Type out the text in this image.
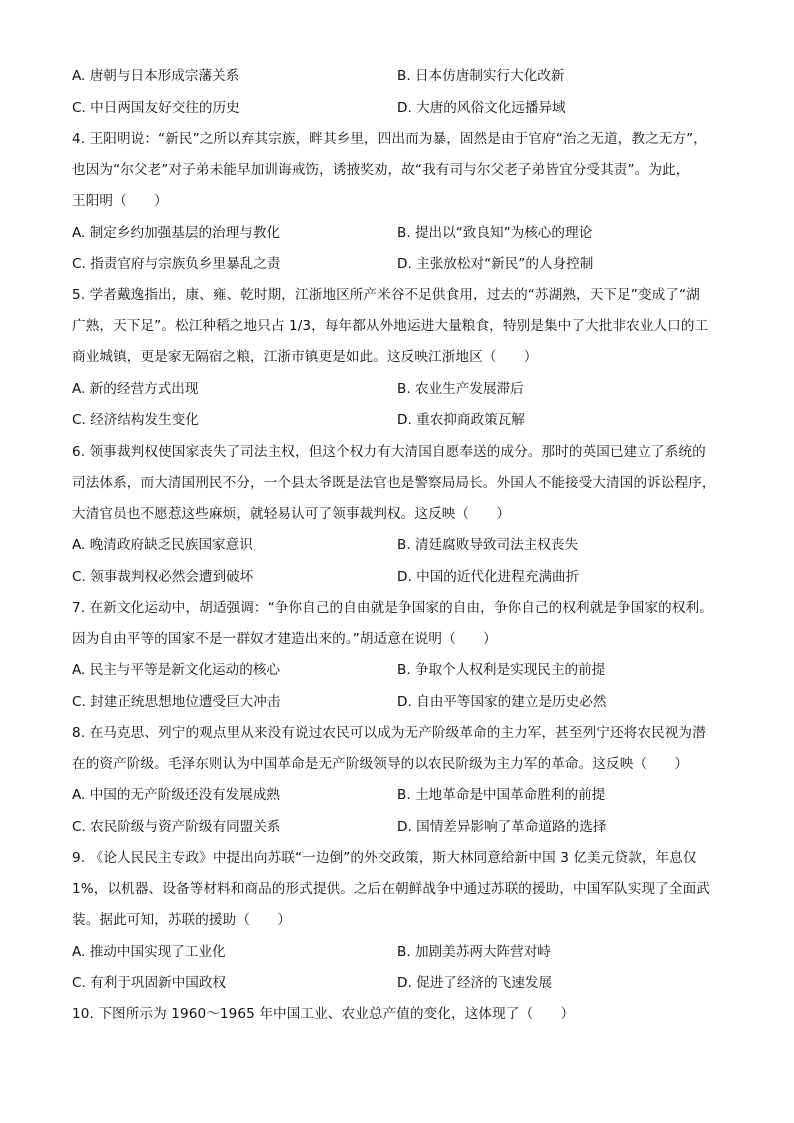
A. 唐朝与日本形成宗藩关系	B. 日本仿唐制实行大化改新
C. 中日两国友好交往的历史	D. 大唐的风俗文化远播异域
4. 王阳明说：“新民”之所以弃其宗族，畔其乡里，四出而为暴，固然是由于官府“治之无道，教之无方”，
也因为“尔父老”对子弟未能早加训诲戒饬，诱掖奖劝，故“我有司与尔父老子弟皆宜分受其责”。为此，
王阳明（　　）
A. 制定乡约加强基层的治理与教化	B. 提出以“致良知”为核心的理论
C. 指责官府与宗族负乡里暴乱之责	D. 主张放松对“新民”的人身控制
5. 学者戴逸指出，康、雍、乾时期，江浙地区所产米谷不足供食用，过去的“苏湖熟，天下足”变成了“湖
广熟，天下足”。松江种稻之地只占 1/3，每年都从外地运进大量粮食，特别是集中了大批非农业人口的工
商业城镇，更是家无隔宿之粮，江浙市镇更是如此。这反映江浙地区（　　）
A. 新的经营方式出现	B. 农业生产发展滞后
C. 经济结构发生变化	D. 重农抑商政策瓦解
6. 领事裁判权使国家丧失了司法主权，但这个权力有大清国自愿奉送的成分。那时的英国已建立了系统的
司法体系，而大清国刑民不分，一个县太爷既是法官也是警察局局长。外国人不能接受大清国的诉讼程序，
大清官员也不愿惹这些麻烦，就轻易认可了领事裁判权。这反映（　　）
A. 晚清政府缺乏民族国家意识	B. 清廷腐败导致司法主权丧失
C. 领事裁判权必然会遭到破坏	D. 中国的近代化进程充满曲折
7. 在新文化运动中，胡适强调：“争你自己的自由就是争国家的自由，争你自己的权利就是争国家的权利。
因为自由平等的国家不是一群奴才建造出来的。”胡适意在说明（　　）
A. 民主与平等是新文化运动的核心	B. 争取个人权利是实现民主的前提
C. 封建正统思想地位遭受巨大冲击	D. 自由平等国家的建立是历史必然
8. 在马克思、列宁的观点里从来没有说过农民可以成为无产阶级革命的主力军，甚至列宁还将农民视为潜
在的资产阶级。毛泽东则认为中国革命是无产阶级领导的以农民阶级为主力军的革命。这反映（　　）
A. 中国的无产阶级还没有发展成熟	B. 土地革命是中国革命胜利的前提
C. 农民阶级与资产阶级有同盟关系	D. 国情差异影响了革命道路的选择
9. 《论人民民主专政》中提出向苏联“一边倒”的外交政策，斯大林同意给新中国 3 亿美元贷款，年息仅
1%，以机器、设备等材料和商品的形式提供。之后在朝鲜战争中通过苏联的援助，中国军队实现了全面武
装。据此可知，苏联的援助（　　）
A. 推动中国实现了工业化	B. 加剧美苏两大阵营对峙
C. 有利于巩固新中国政权	D. 促进了经济的飞速发展
10. 下图所示为 1960～1965 年中国工业、农业总产值的变化，这体现了（　　）
